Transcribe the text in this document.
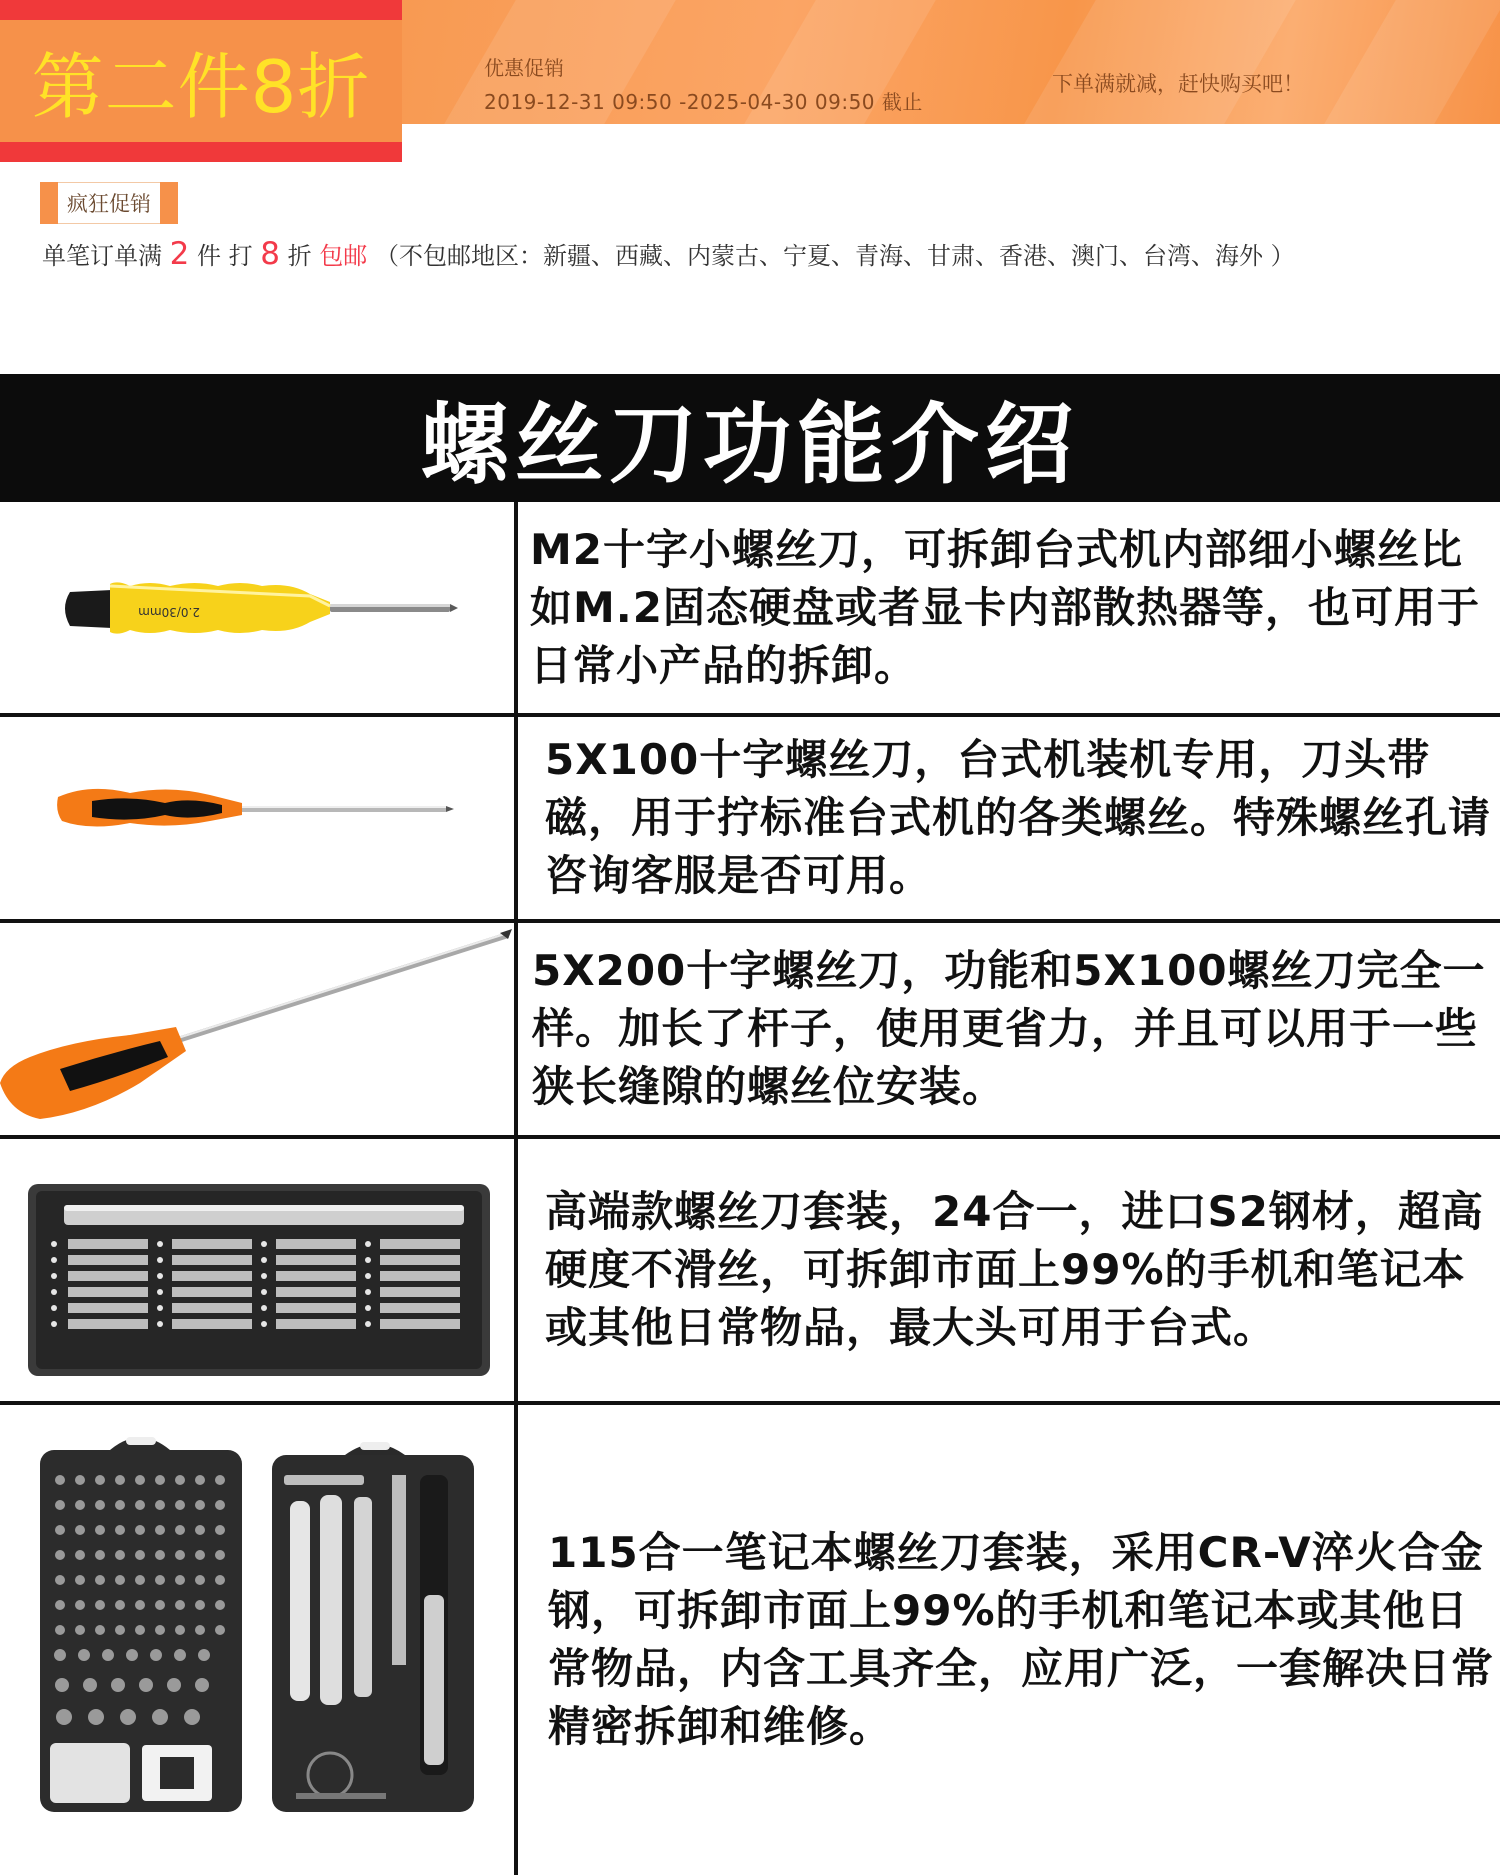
第二件8折	优惠促销
2019-12-31 09:50 -2025-04-30 09:50 截止
下单满就减，赶快购买吧！
疯狂促销
单笔订单满 2 件 打 8 折 包邮 （不包邮地区：新疆、西藏、内蒙古、宁夏、青海、甘肃、香港、澳门、台湾、海外 ）
螺丝刀功能介绍
2.0/30mm
M2十字小螺丝刀，可拆卸台式机内部细小螺丝比如M.2固态硬盘或者显卡内部散热器等，也可用于日常小产品的拆卸。
5X100十字螺丝刀，台式机装机专用，刀头带磁，用于拧标准台式机的各类螺丝。特殊螺丝孔请咨询客服是否可用。
5X200十字螺丝刀，功能和5X100螺丝刀完全一样。加长了杆子，使用更省力，并且可以用于一些狭长缝隙的螺丝位安装。
高端款螺丝刀套装，24合一，进口S2钢材，超高硬度不滑丝，可拆卸市面上99%的手机和笔记本或其他日常物品，最大头可用于台式。
115合一笔记本螺丝刀套装，采用CR-V淬火合金钢，可拆卸市面上99%的手机和笔记本或其他日常物品，内含工具齐全，应用广泛，一套解决日常精密拆卸和维修。
